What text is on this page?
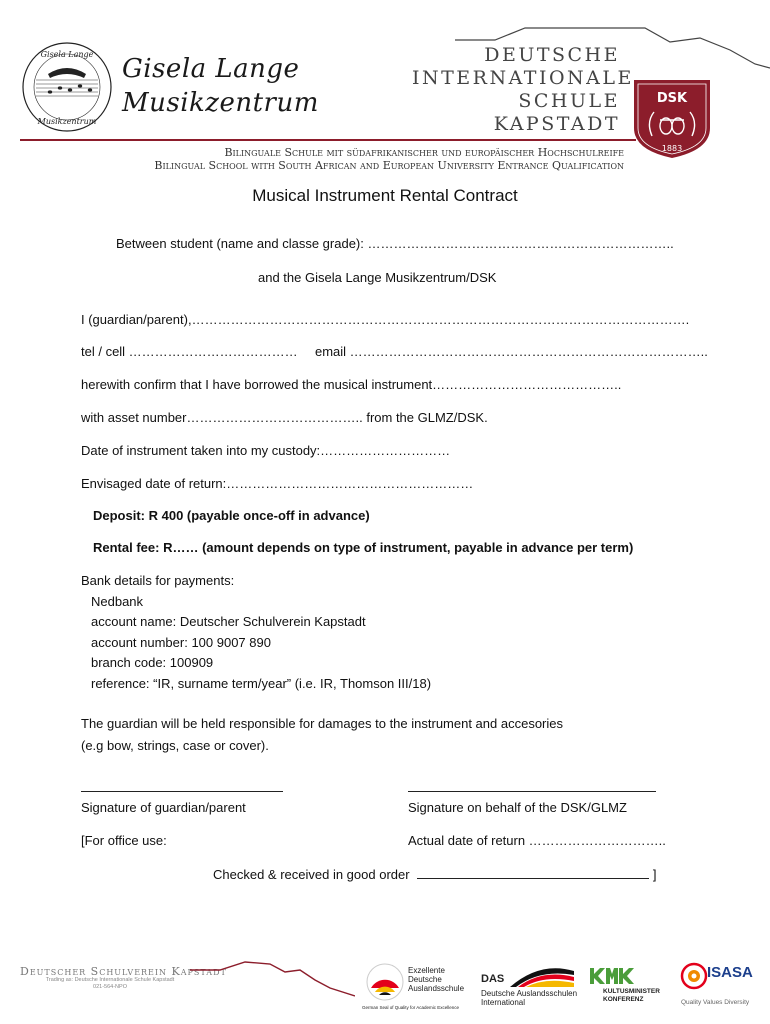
Gisela Lange
Musikzentrum
Gisela Lange
Musikzentrum
DEUTSCHE
INTERNATIONALE
SCHULE
KAPSTADT
DSK
1883
Bilinguale Schule mit südafrikanischer und europäischer Hochschulreife
Bilingual School with South African and European University Entrance Qualification
Musical Instrument Rental Contract
Between student (name and classe grade): ……………………………………………………………..
and the Gisela Lange Musikzentrum/DSK
I (guardian/parent),…………………………………………………………………………………………………….
tel / cell ………………………………… email ………………………………………………………………………..
herewith confirm that I have borrowed the musical instrument……………………………………..
with asset number………………………………….. from the GLMZ/DSK.
Date of instrument taken into my custody:…………………………
Envisaged date of return:…………………………………………………
Deposit: R 400 (payable once-off in advance)
Rental fee: R…… (amount depends on type of instrument, payable in advance per term)
Bank details for payments:
Nedbank
account name: Deutscher Schulverein Kapstadt
account number: 100 9007 890
branch code: 100909
reference: “IR, surname term/year” (i.e. IR, Thomson III/18)
The guardian will be held responsible for damages to the instrument and accesories
(e.g bow, strings, case or cover).
Signature of guardian/parent	Signature on behalf of the DSK/GLMZ
[For office use:	Actual date of return …………………………..
Checked & received in good order	]
Deutscher Schulverein Kapstadt
Trading as: Deutsche Internationale Schule Kapstadt
021-564-NPO
Exzellente
Deutsche
Auslandsschule
German Seal of Quality for Academic Excellence
DAS
Deutsche Auslandsschulen
International
KULTUSMINISTER
KONFERENZ
ISASA
Quality Values Diversity
